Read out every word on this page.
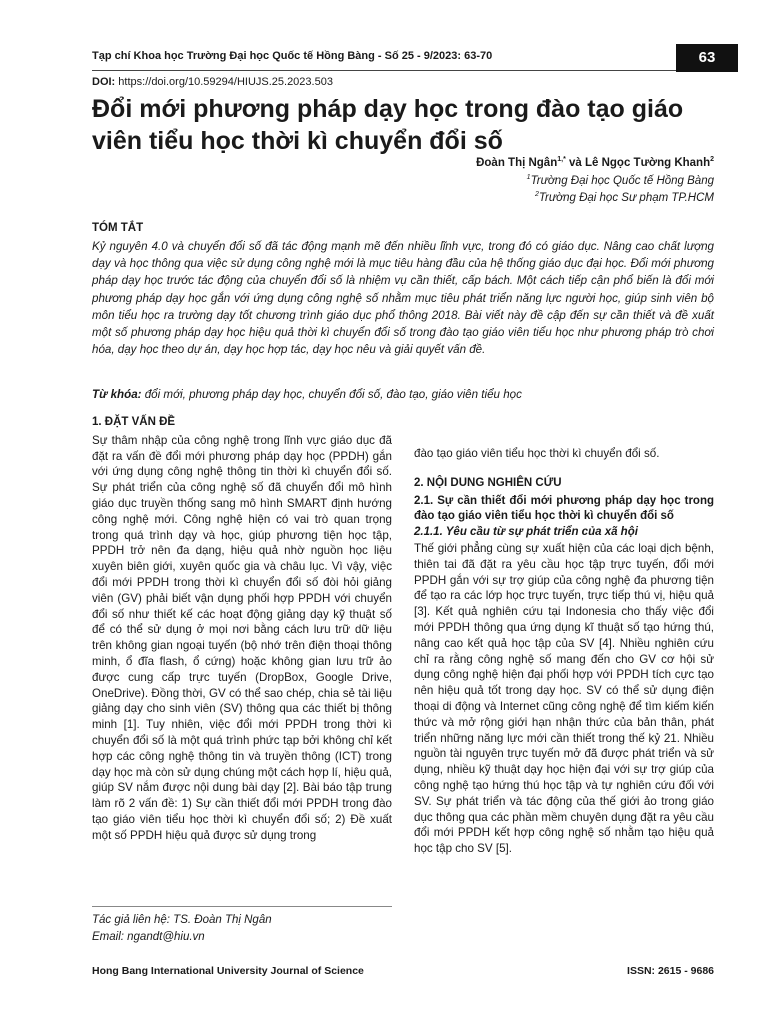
Tạp chí Khoa học Trường Đại học Quốc tế Hồng Bàng - Số 25 - 9/2023: 63-70	63
DOI: https://doi.org/10.59294/HIUJS.25.2023.503
Đổi mới phương pháp dạy học trong đào tạo giáo viên tiểu học thời kì chuyển đổi số
Đoàn Thị Ngân$^{1,*}$ và Lê Ngọc Tường Khanh$^2$
$^1$Trường Đại học Quốc tế Hồng Bàng
$^2$Trường Đại học Sư phạm TP.HCM
TÓM TẮT

Kỷ nguyên 4.0 và chuyển đổi số đã tác động mạnh mẽ đến nhiều lĩnh vực, trong đó có giáo dục. Nâng cao chất lượng dạy và học thông qua việc sử dụng công nghệ mới là mục tiêu hàng đầu của hệ thống giáo dục đại học. Đổi mới phương pháp dạy học trước tác động của chuyển đổi số là nhiệm vụ cần thiết, cấp bách. Một cách tiếp cận phổ biến là đổi mới phương pháp dạy học gắn với ứng dụng công nghệ số nhằm mục tiêu phát triển năng lực người học, giúp sinh viên bộ môn tiểu học ra trường dạy tốt chương trình giáo dục phổ thông 2018. Bài viết này đề cập đến sự cần thiết và đề xuất một số phương pháp dạy học hiệu quả thời kì chuyển đổi số trong đào tạo giáo viên tiểu học như phương pháp trò chơi hóa, dạy học theo dự án, dạy học hợp tác, dạy học nêu và giải quyết vấn đề.

Từ khóa: đổi mới, phương pháp dạy học, chuyển đổi số, đào tạo, giáo viên tiểu học
1. ĐẶT VẤN ĐỀ

Sự thâm nhập của công nghệ trong lĩnh vực giáo dục đã đặt ra vấn đề đổi mới phương pháp dạy học (PPDH) gắn với ứng dụng công nghệ thông tin thời kì chuyển đổi số. Sự phát triển của công nghệ số đã chuyển đổi mô hình giáo dục truyền thống sang mô hình SMART định hướng công nghệ mới. Công nghệ hiện có vai trò quan trọng trong quá trình dạy và học, giúp phương tiện học tập, PPDH trở nên đa dạng, hiệu quả nhờ nguồn học liệu xuyên biên giới, xuyên quốc gia và châu lục. Vì vậy, việc đổi mới PPDH trong thời kì chuyển đổi số đòi hỏi giảng viên (GV) phải biết vận dụng phối hợp PPDH với chuyển đổi số như thiết kế các hoạt động giảng dạy kỹ thuật số để có thể sử dụng ở mọi nơi bằng cách lưu trữ dữ liệu trên không gian ngoại tuyến (bộ nhớ trên điện thoại thông minh, ổ đĩa flash, ổ cứng) hoặc không gian lưu trữ ảo được cung cấp trực tuyến (DropBox, Google Drive, OneDrive). Đồng thời, GV có thể sao chép, chia sẻ tài liệu giảng dạy cho sinh viên (SV) thông qua các thiết bị thông minh [1]. Tuy nhiên, việc đổi mới PPDH trong thời kì chuyển đổi số là một quá trình phức tạp bởi không chỉ kết hợp các công nghệ thông tin và truyền thông (ICT) trong dạy học mà còn sử dụng chúng một cách hợp lí, hiệu quả, giúp SV nắm được nội dung bài dạy [2]. Bài báo tập trung làm rõ 2 vấn đề: 1) Sự cần thiết đổi mới PPDH trong đào tạo giáo viên tiểu học thời kì chuyển đổi số; 2) Đề xuất một số PPDH hiệu quả được sử dụng trong

đào tạo giáo viên tiểu học thời kì chuyển đổi số.

2. NỘI DUNG NGHIÊN CỨU
2.1. Sự cần thiết đổi mới phương pháp dạy học trong đào tạo giáo viên tiểu học thời kì chuyển đổi số
2.1.1. Yêu cầu từ sự phát triển của xã hội

Thế giới phẳng cùng sự xuất hiện của các loại dịch bệnh, thiên tai đã đặt ra yêu cầu học tập trực tuyến, đổi mới PPDH gắn với sự trợ giúp của công nghệ đa phương tiện để tạo ra các lớp học trực tuyến, trực tiếp thú vị, hiệu quả [3]. Kết quả nghiên cứu tại Indonesia cho thấy việc đổi mới PPDH thông qua ứng dụng kĩ thuật số tạo hứng thú, nâng cao kết quả học tập của SV [4]. Nhiều nghiên cứu chỉ ra rằng công nghệ số mang đến cho GV cơ hội sử dụng công nghệ hiện đại phối hợp với PPDH tích cực tạo nên hiệu quả tốt trong dạy học. SV có thể sử dụng điện thoại di động và Internet cũng công nghệ để tìm kiếm kiến thức và mở rộng giới hạn nhận thức của bản thân, phát triển những năng lực mới cần thiết trong thế kỷ 21. Nhiều nguồn tài nguyên trực tuyến mở đã được phát triển và sử dụng, nhiều kỹ thuật dạy học hiện đại với sự trợ giúp của công nghệ tạo hứng thú học tập và tự nghiên cứu đối với SV. Sự phát triển và tác động của thế giới ảo trong giáo dục thông qua các phần mềm chuyên dụng đặt ra yêu cầu đổi mới PPDH kết hợp công nghệ số nhằm tạo hiệu quả học tập cho SV [5].

Tác giả liên hệ: TS. Đoàn Thị Ngân
Email: ngandt@hiu.vn
Hong Bang International University Journal of Science	ISSN: 2615 - 9686
